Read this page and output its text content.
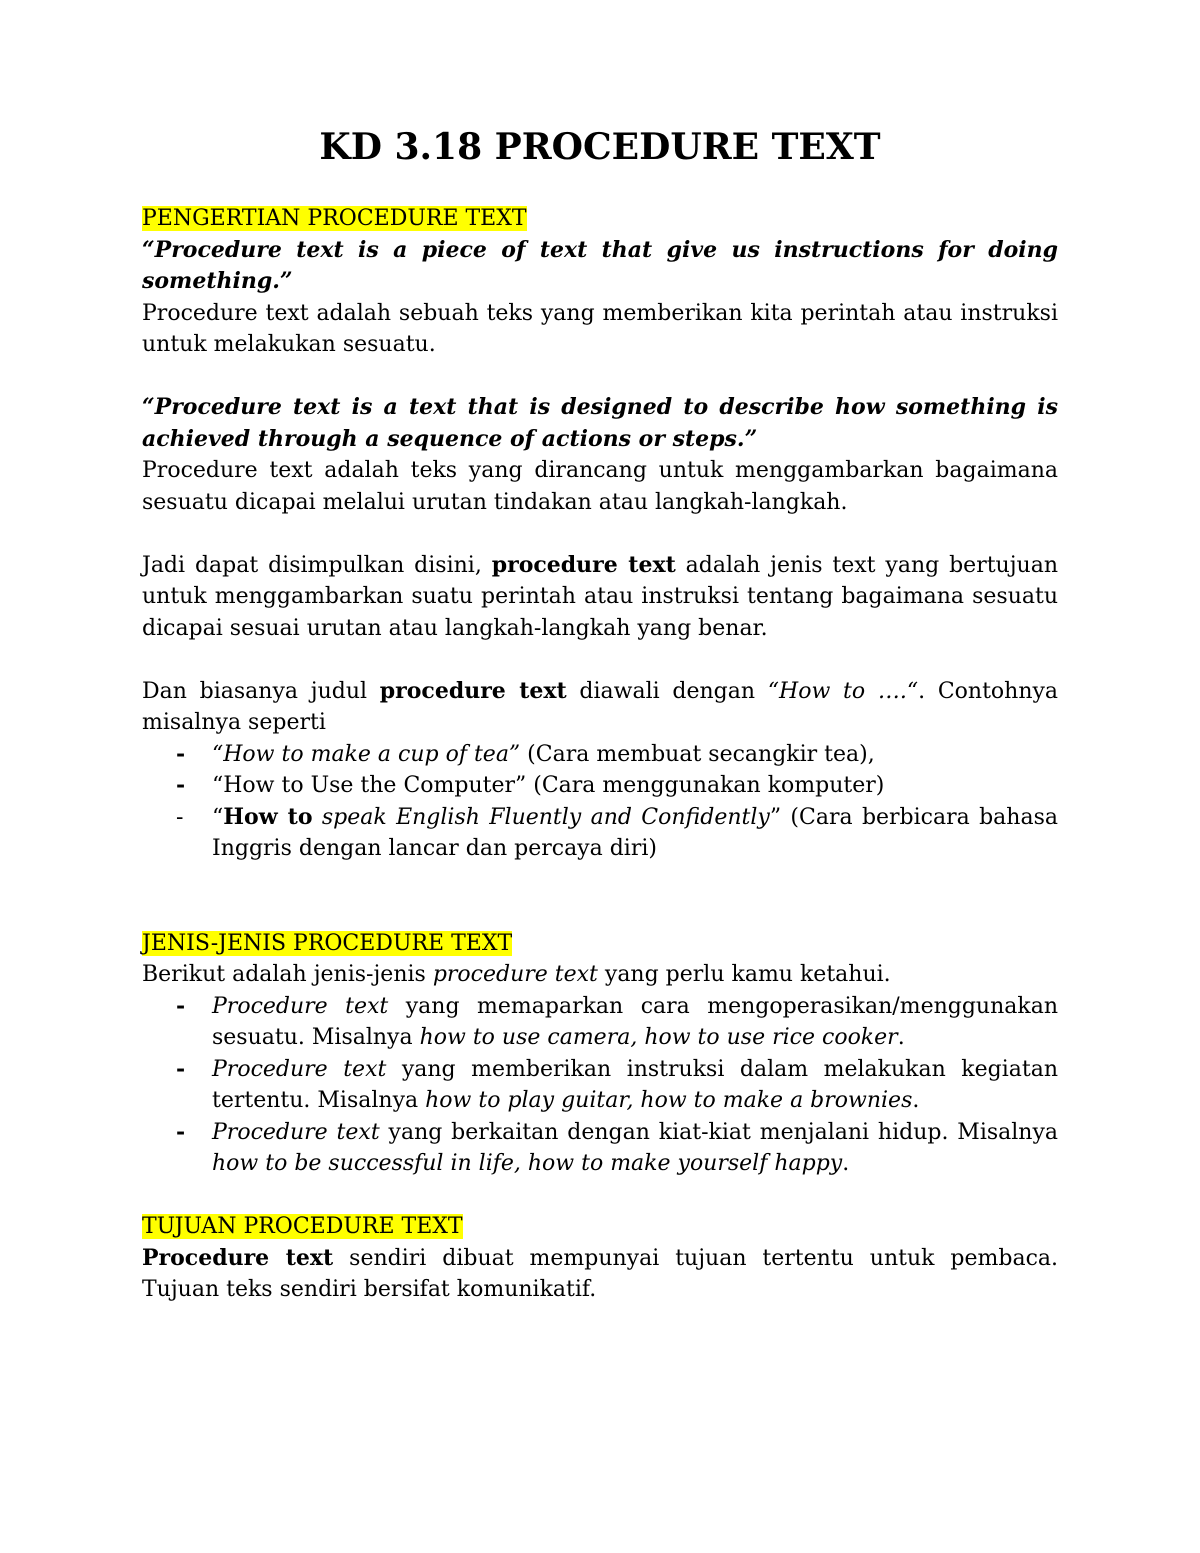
KD 3.18 PROCEDURE TEXT

PENGERTIAN PROCEDURE TEXT

“Procedure text is a piece of text that give us instructions for doing something.”

Procedure text adalah sebuah teks yang memberikan kita perintah atau instruksi untuk melakukan sesuatu.

“Procedure text is a text that is designed to describe how something is achieved through a sequence of actions or steps.”

Procedure text adalah teks yang dirancang untuk menggambarkan bagaimana sesuatu dicapai melalui urutan tindakan atau langkah-langkah.

Jadi dapat disimpulkan disini, procedure text adalah jenis text yang bertujuan untuk menggambarkan suatu perintah atau instruksi tentang bagaimana sesuatu dicapai sesuai urutan atau langkah-langkah yang benar.

Dan biasanya judul procedure text diawali dengan “How to ….“. Contohnya misalnya seperti

- “How to make a cup of tea” (Cara membuat secangkir tea),
- “How to Use the Computer” (Cara menggunakan komputer)
- “How to speak English Fluently and Confidently” (Cara berbicara bahasa Inggris dengan lancar dan percaya diri)

JENIS-JENIS PROCEDURE TEXT

Berikut adalah jenis-jenis procedure text yang perlu kamu ketahui.

- Procedure text yang memaparkan cara mengoperasikan/menggunakan sesuatu. Misalnya how to use camera, how to use rice cooker.
- Procedure text yang memberikan instruksi dalam melakukan kegiatan tertentu. Misalnya how to play guitar, how to make a brownies.
- Procedure text yang berkaitan dengan kiat-kiat menjalani hidup. Misalnya how to be successful in life, how to make yourself happy.

TUJUAN PROCEDURE TEXT

Procedure text sendiri dibuat mempunyai tujuan tertentu untuk pembaca. Tujuan teks sendiri bersifat komunikatif.
